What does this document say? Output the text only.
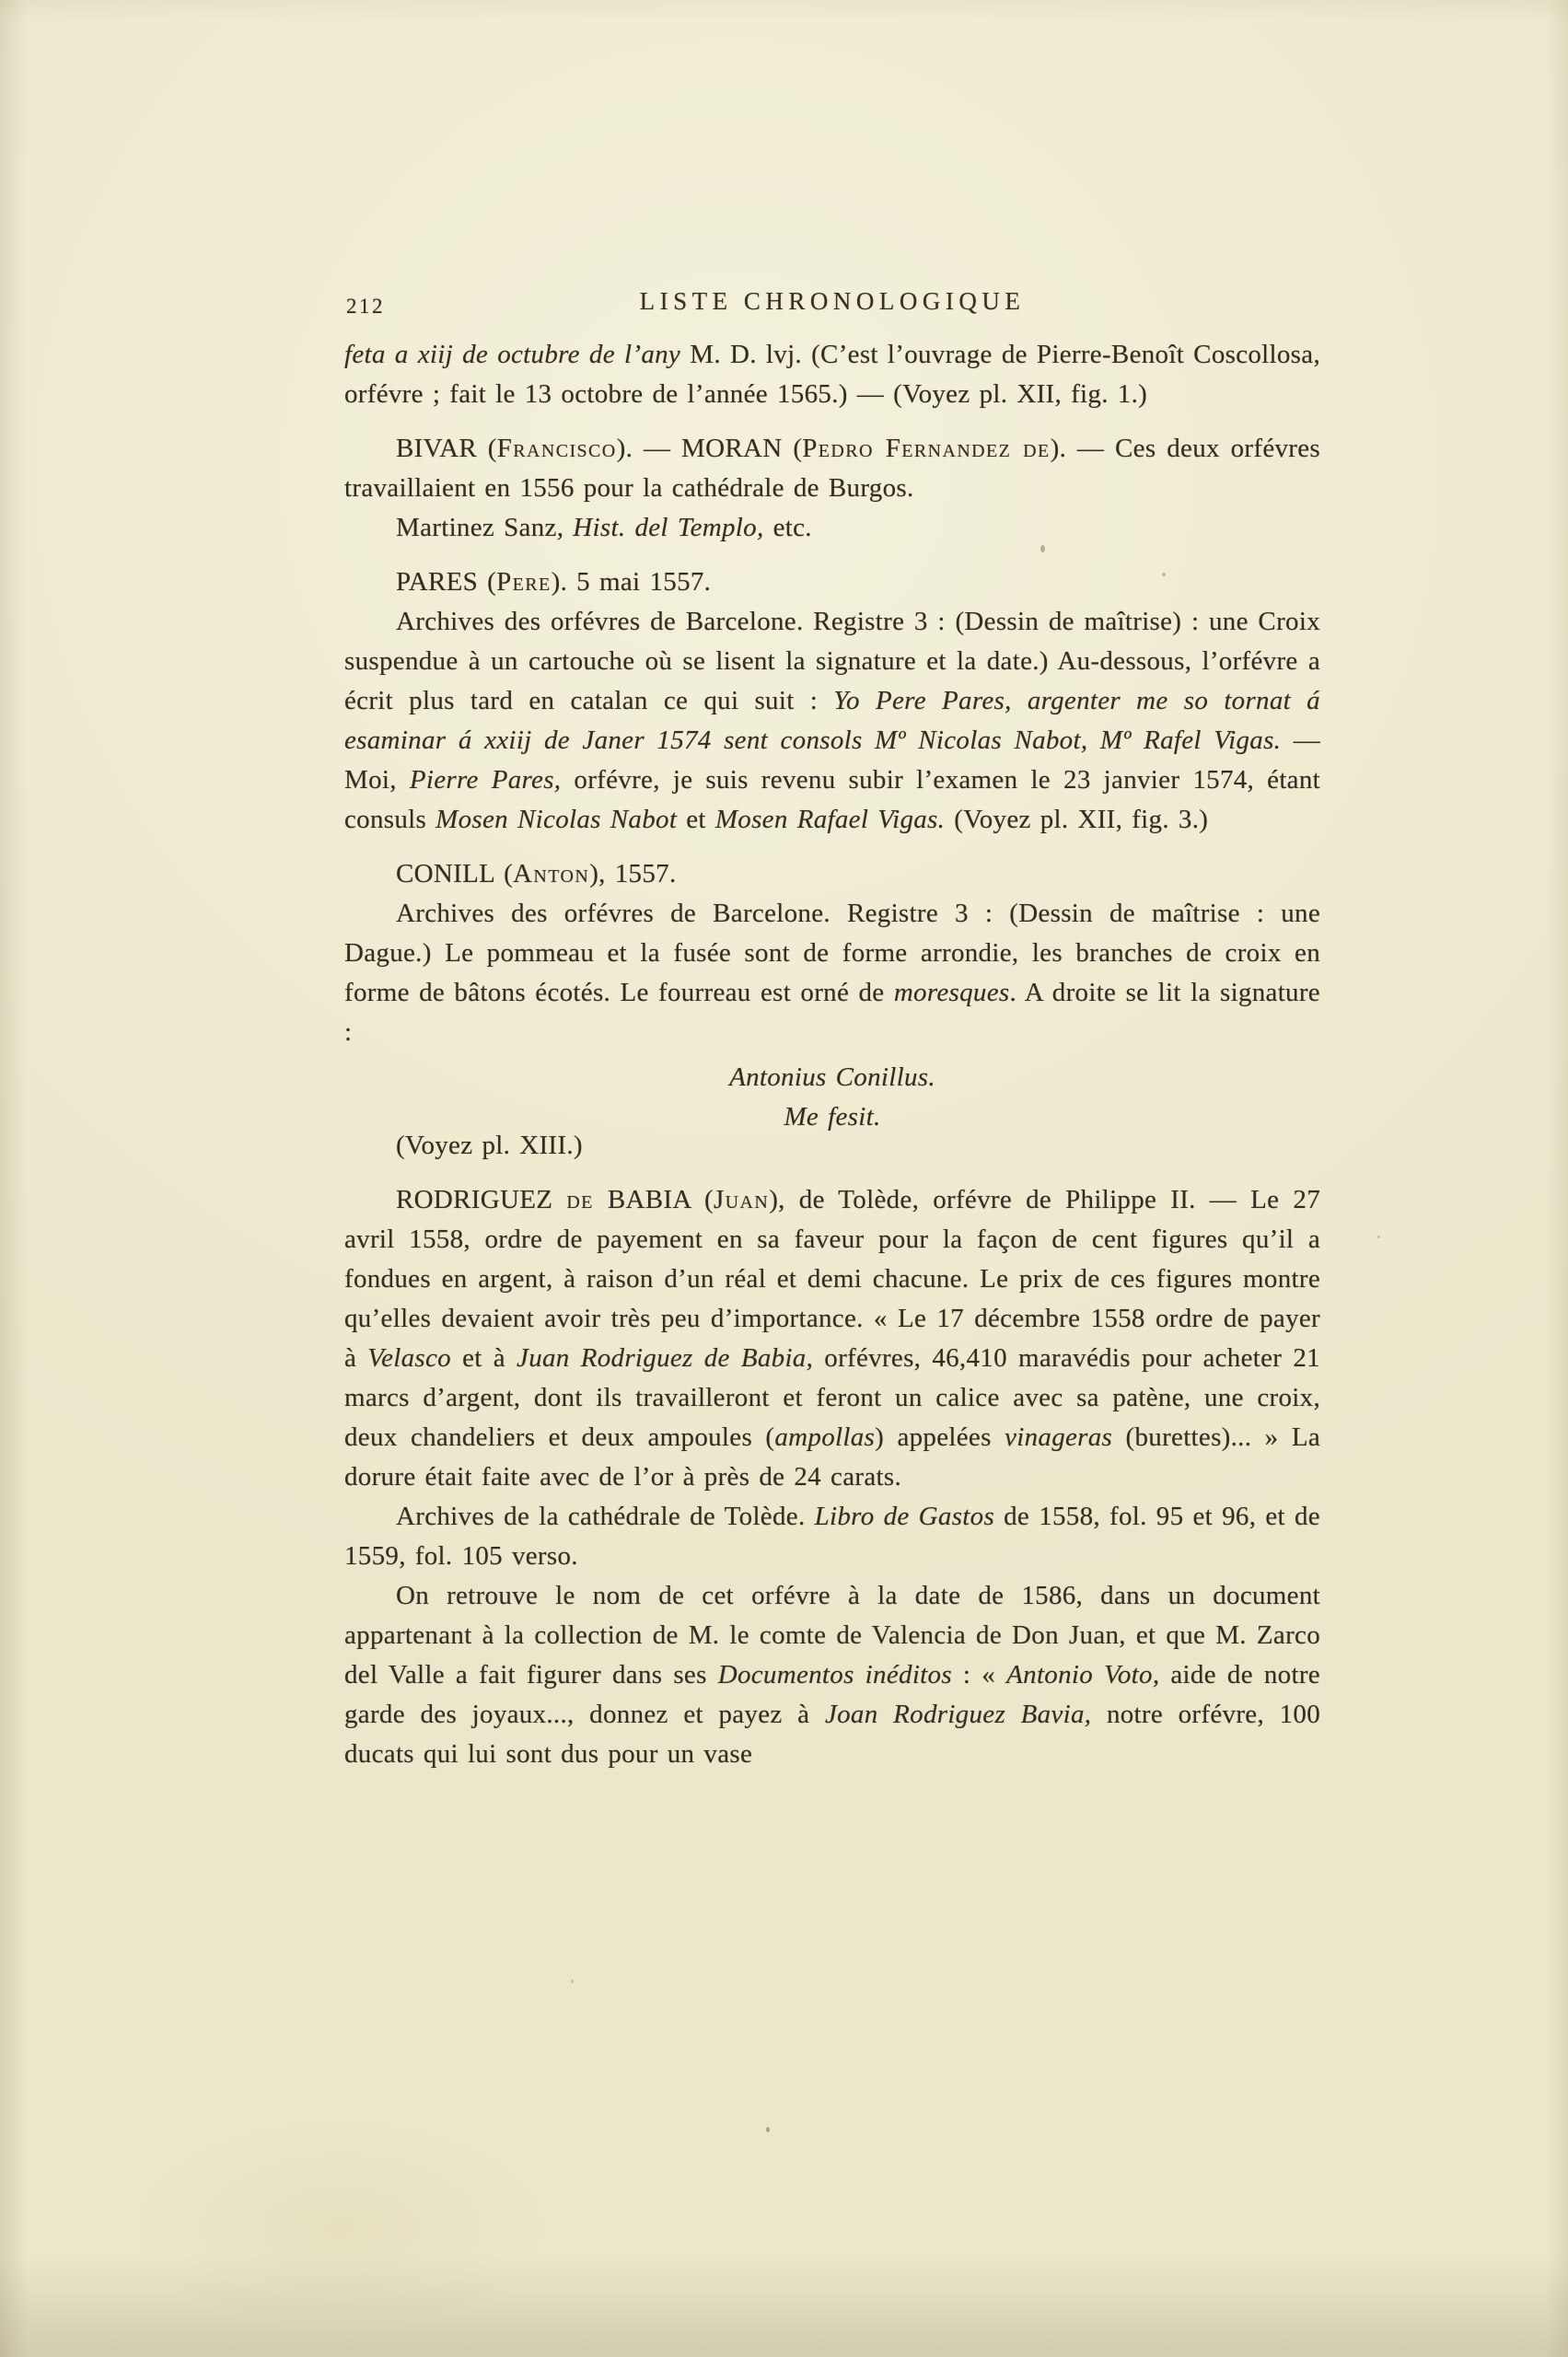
212	LISTE CHRONOLOGIQUE

feta a xiij de octubre de l’any M. D. lvj. (C’est l’ouvrage de Pierre-Benoît Coscollosa, orfévre ; fait le 13 octobre de l’année 1565.) — (Voyez pl. XII, fig. 1.)

BIVAR (Francisco). — MORAN (Pedro Fernandez de). — Ces deux orfévres travaillaient en 1556 pour la cathédrale de Burgos.

Martinez Sanz, Hist. del Templo, etc.

PARES (Pere). 5 mai 1557.

Archives des orfévres de Barcelone. Registre 3 : (Dessin de maîtrise) : une Croix suspendue à un cartouche où se lisent la signature et la date.) Au-dessous, l’orfévre a écrit plus tard en catalan ce qui suit : Yo Pere Pares, argenter me so tornat á esaminar á xxiij de Janer 1574 sent consols Mº Nicolas Nabot, Mº Rafel Vigas. — Moi, Pierre Pares, orfévre, je suis revenu subir l’examen le 23 janvier 1574, étant consuls Mosen Nicolas Nabot et Mosen Rafael Vigas. (Voyez pl. XII, fig. 3.)

CONILL (Anton), 1557.

Archives des orfévres de Barcelone. Registre 3 : (Dessin de maîtrise : une Dague.) Le pommeau et la fusée sont de forme arrondie, les branches de croix en forme de bâtons écotés. Le fourreau est orné de moresques. A droite se lit la signature :

Antonius Conillus.

Me fesit.

(Voyez pl. XIII.)

RODRIGUEZ de BABIA (Juan), de Tolède, orfévre de Philippe II. — Le 27 avril 1558, ordre de payement en sa faveur pour la façon de cent figures qu’il a fondues en argent, à raison d’un réal et demi chacune. Le prix de ces figures montre qu’elles devaient avoir très peu d’importance. « Le 17 décembre 1558 ordre de payer à Velasco et à Juan Rodriguez de Babia, orfévres, 46,410 maravédis pour acheter 21 marcs d’argent, dont ils travailleront et feront un calice avec sa patène, une croix, deux chandeliers et deux ampoules (ampollas) appelées vinageras (burettes)... » La dorure était faite avec de l’or à près de 24 carats.

Archives de la cathédrale de Tolède. Libro de Gastos de 1558, fol. 95 et 96, et de 1559, fol. 105 verso.

On retrouve le nom de cet orfévre à la date de 1586, dans un document appartenant à la collection de M. le comte de Valencia de Don Juan, et que M. Zarco del Valle a fait figurer dans ses Documentos inéditos : « Antonio Voto, aide de notre garde des joyaux..., donnez et payez à Joan Rodriguez Bavia, notre orfévre, 100 ducats qui lui sont dus pour un vase
